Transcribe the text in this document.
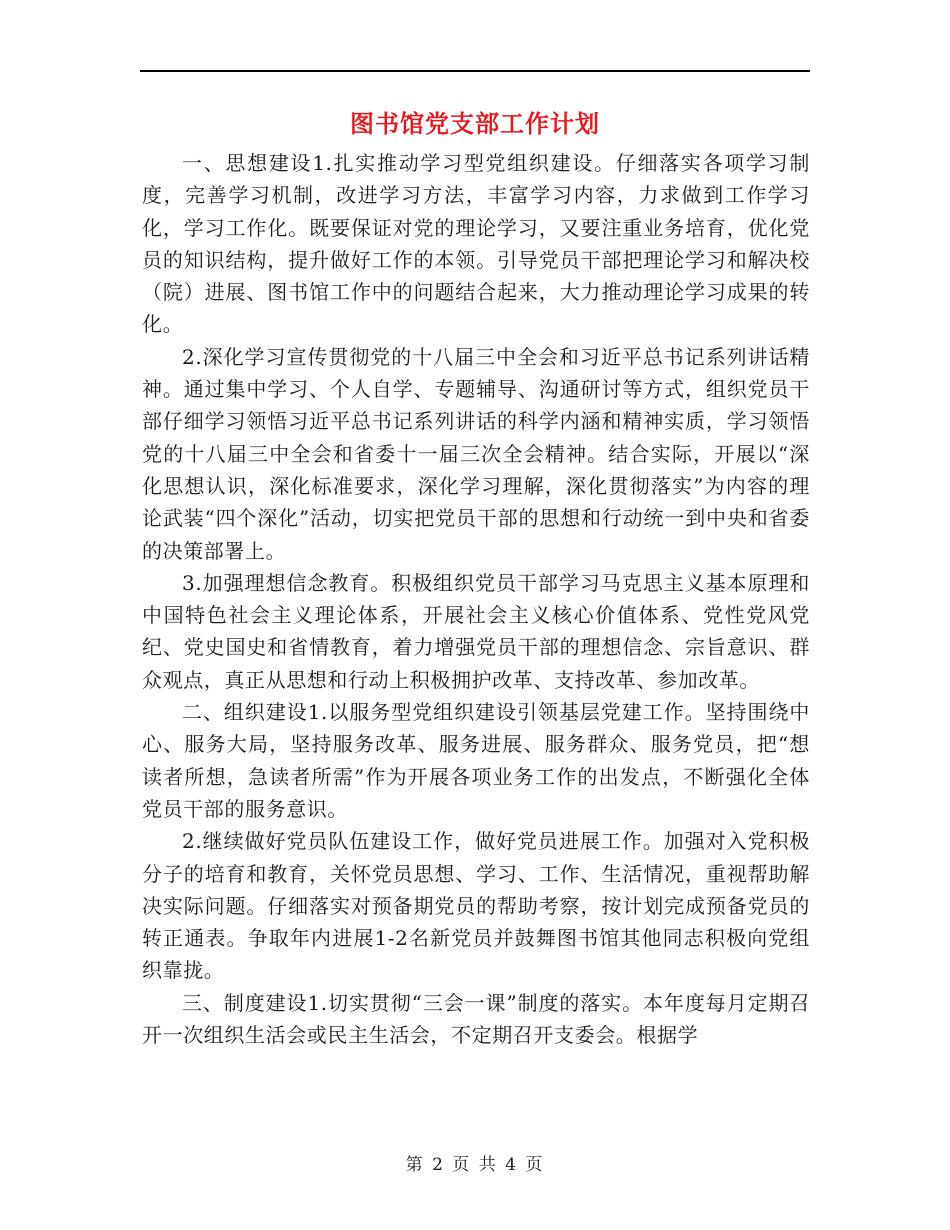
图书馆党支部工作计划

一、思想建设1.扎实推动学习型党组织建设。仔细落实各项学习制度，完善学习机制，改进学习方法，丰富学习内容，力求做到工作学习化，学习工作化。既要保证对党的理论学习，又要注重业务培育，优化党员的知识结构，提升做好工作的本领。引导党员干部把理论学习和解决校（院）进展、图书馆工作中的问题结合起来，大力推动理论学习成果的转化。

2.深化学习宣传贯彻党的十八届三中全会和习近平总书记系列讲话精神。通过集中学习、个人自学、专题辅导、沟通研讨等方式，组织党员干部仔细学习领悟习近平总书记系列讲话的科学内涵和精神实质，学习领悟党的十八届三中全会和省委十一届三次全会精神。结合实际，开展以“深化思想认识，深化标准要求，深化学习理解，深化贯彻落实”为内容的理论武装“四个深化”活动，切实把党员干部的思想和行动统一到中央和省委的决策部署上。

3.加强理想信念教育。积极组织党员干部学习马克思主义基本原理和中国特色社会主义理论体系，开展社会主义核心价值体系、党性党风党纪、党史国史和省情教育，着力增强党员干部的理想信念、宗旨意识、群众观点，真正从思想和行动上积极拥护改革、支持改革、参加改革。

二、组织建设1.以服务型党组织建设引领基层党建工作。坚持围绕中心、服务大局，坚持服务改革、服务进展、服务群众、服务党员，把“想读者所想，急读者所需”作为开展各项业务工作的出发点，不断强化全体党员干部的服务意识。

2.继续做好党员队伍建设工作，做好党员进展工作。加强对入党积极分子的培育和教育，关怀党员思想、学习、工作、生活情况，重视帮助解决实际问题。仔细落实对预备期党员的帮助考察，按计划完成预备党员的转正通表。争取年内进展1-2名新党员并鼓舞图书馆其他同志积极向党组织靠拢。

三、制度建设1.切实贯彻“三会一课”制度的落实。本年度每月定期召开一次组织生活会或民主生活会，不定期召开支委会。根据学

第 2 页 共 4 页
